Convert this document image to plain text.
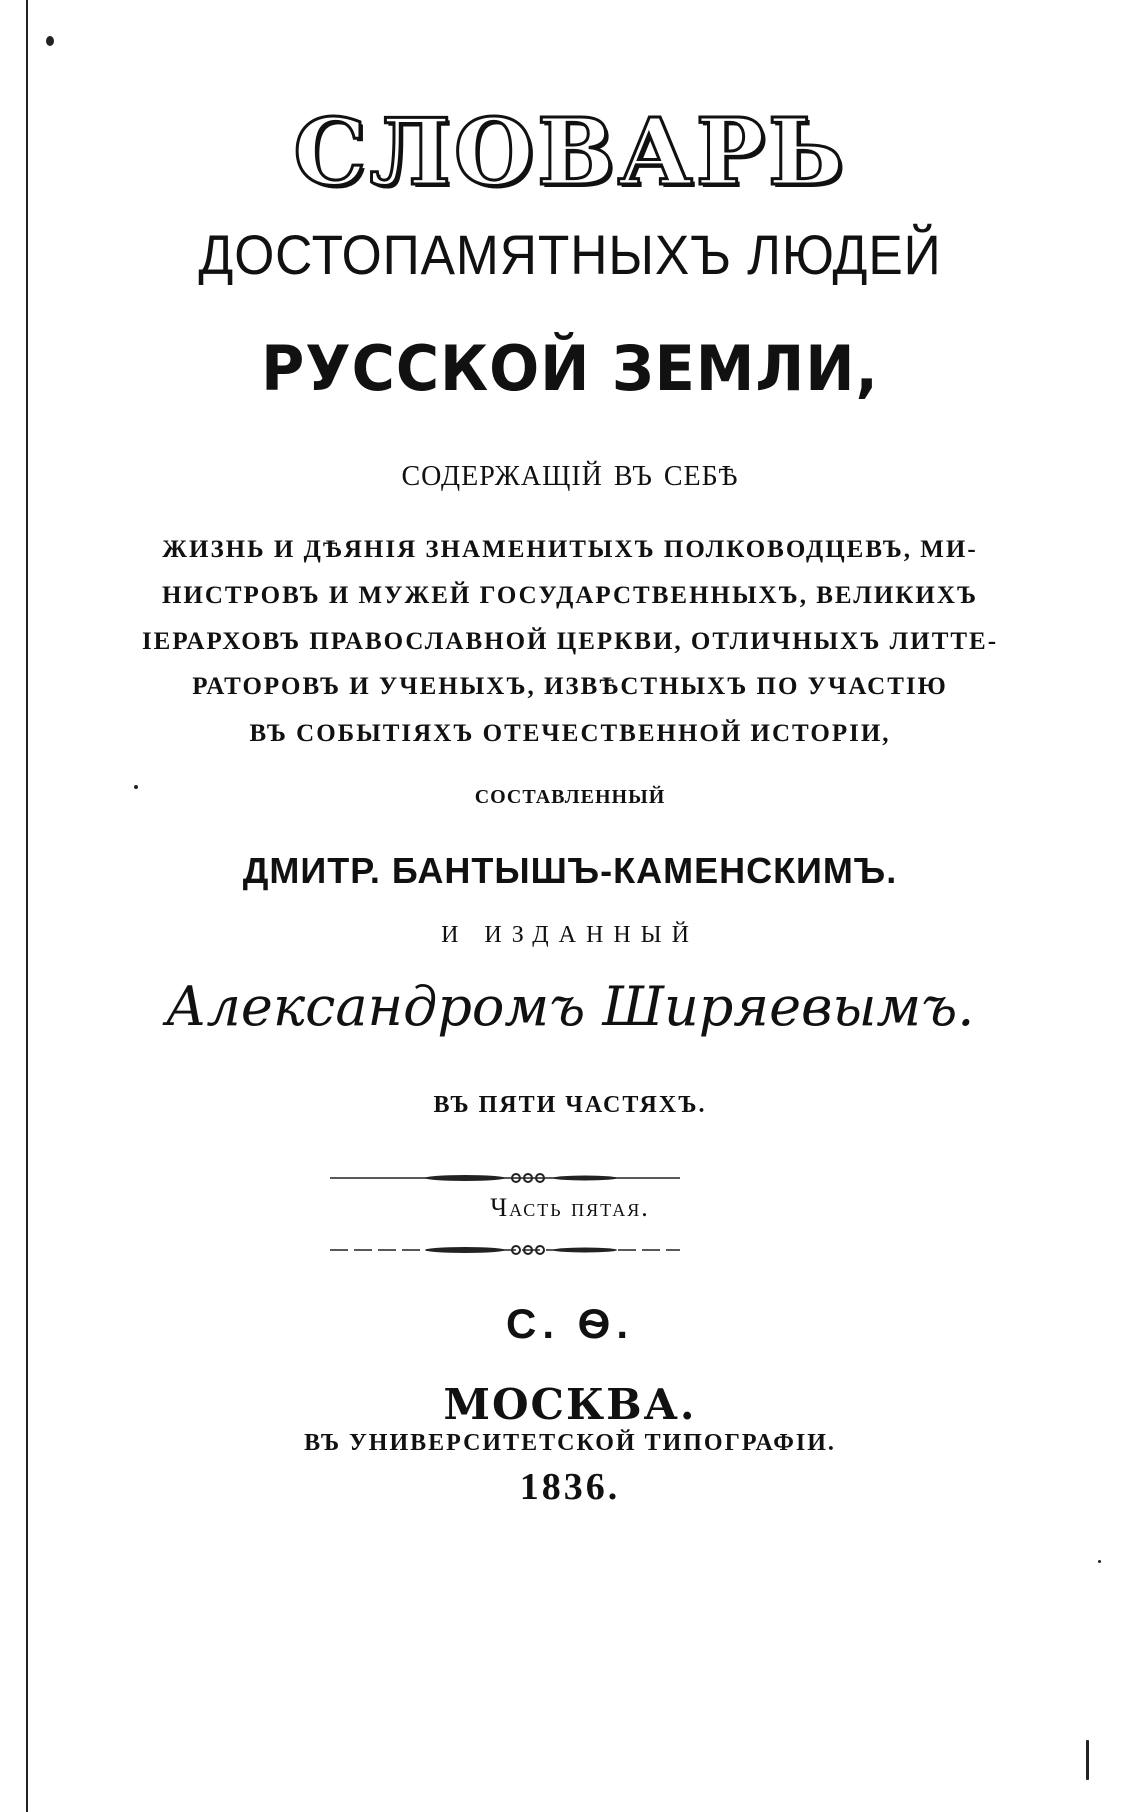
СЛОВАРЬ
ДОСТОПАМЯТНЫХЪ ЛЮДЕЙ
РУССКОЙ ЗЕМЛИ,
содержащій въ себѣ
ЖИЗНЬ И ДѢЯНІЯ ЗНАМЕНИТЫХЪ ПОЛКОВОДЦЕВЪ, МИ-
НИСТРОВЪ И МУЖЕЙ ГОСУДАРСТВЕННЫХЪ, ВЕЛИКИХЪ
ІЕРАРХОВЪ ПРАВОСЛАВНОЙ ЦЕРКВИ, ОТЛИЧНЫХЪ ЛИТТЕ-
РАТОРОВЪ И УЧЕНЫХЪ, ИЗВѢСТНЫХЪ ПО УЧАСТІЮ
ВЪ СОБЫТІЯХЪ ОТЕЧЕСТВЕННОЙ ИСТОРІИ,
СОСТАВЛЕННЫЙ
ДМИТР. БАНТЫШЪ-КАМЕНСКИМЪ.
И ИЗДАННЫЙ
Александромъ Ширяевымъ.
ВЪ ПЯТИ ЧАСТЯХЪ.
Часть пятая.
С. Ѳ.
МОСКВА.
ВЪ УНИВЕРСИТЕТСКОЙ ТИПОГРАФІИ.
1836.
